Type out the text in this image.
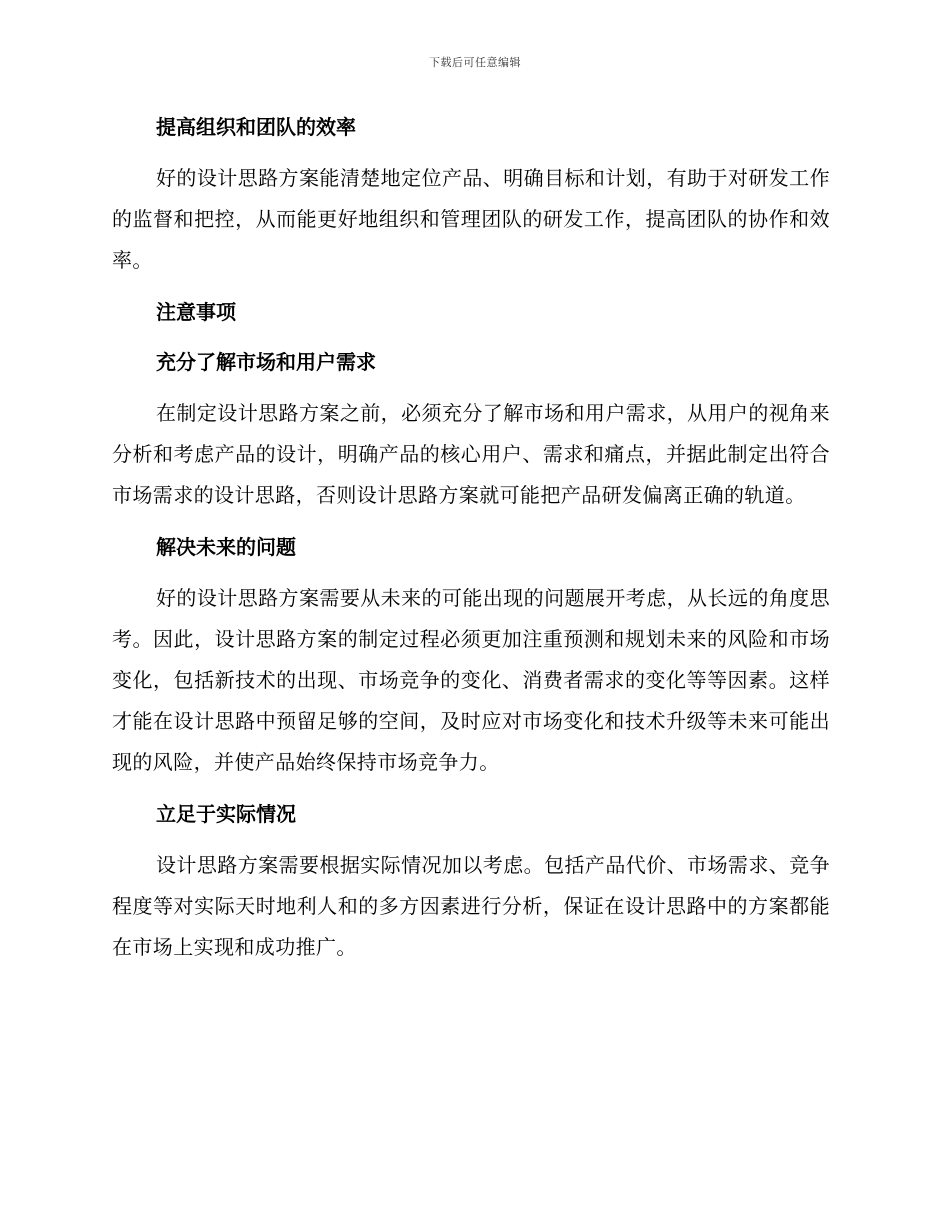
下载后可任意编辑
提高组织和团队的效率

好的设计思路方案能清楚地定位产品、明确目标和计划，有助于对研发工作的监督和把控，从而能更好地组织和管理团队的研发工作，提高团队的协作和效率。

注意事项
充分了解市场和用户需求

在制定设计思路方案之前，必须充分了解市场和用户需求，从用户的视角来分析和考虑产品的设计，明确产品的核心用户、需求和痛点，并据此制定出符合市场需求的设计思路，否则设计思路方案就可能把产品研发偏离正确的轨道。

解决未来的问题

好的设计思路方案需要从未来的可能出现的问题展开考虑，从长远的角度思考。因此，设计思路方案的制定过程必须更加注重预测和规划未来的风险和市场变化，包括新技术的出现、市场竞争的变化、消费者需求的变化等等因素。这样才能在设计思路中预留足够的空间，及时应对市场变化和技术升级等未来可能出现的风险，并使产品始终保持市场竞争力。

立足于实际情况

设计思路方案需要根据实际情况加以考虑。包括产品代价、市场需求、竞争程度等对实际天时地利人和的多方因素进行分析，保证在设计思路中的方案都能在市场上实现和成功推广。
